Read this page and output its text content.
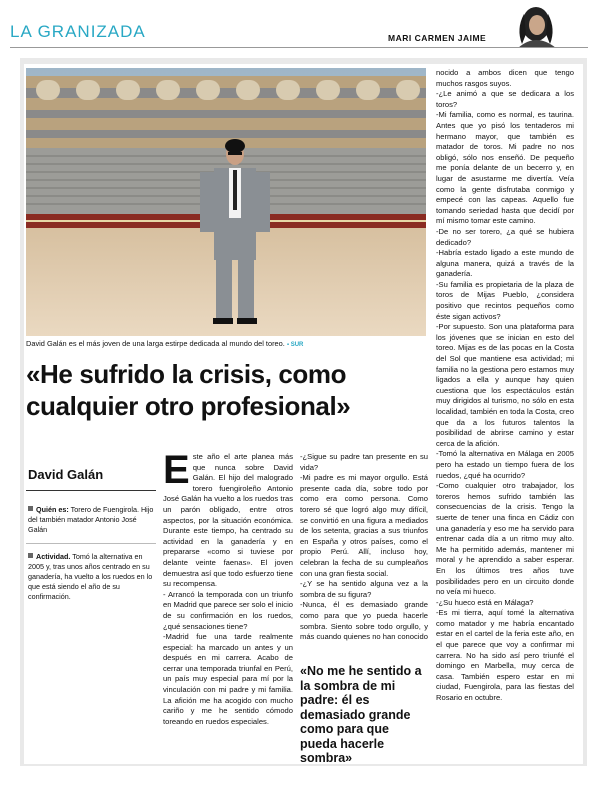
LA GRANIZADA	MARI CARMEN JAIME
David Galán es el más joven de una larga estirpe dedicada al mundo del toreo. ▪ SUR
«He sufrido la crisis, como cualquier otro profesional»
David Galán
Quién es: Torero de Fuengirola. Hijo del también matador Antonio José Galán
Actividad. Tomó la alternativa en 2005 y, tras unos años centrado en su ganadería, ha vuelto a los ruedos en lo que está siendo el año de su confirmación.
E ste año el arte planea más que nunca sobre David Galán. El hijo del malogrado torero fuengiroleño Antonio José Galán ha vuelto a los ruedos tras un parón obligado, entre otros aspectos, por la situación económica. Durante este tiempo, ha centrado su actividad en la ganadería y en prepararse «como si tuviese por delante veinte faenas». El joven demuestra así que todo esfuerzo tiene su recompensa.

- Arrancó la temporada con un triunfo en Madrid que parece ser solo el inicio de su confirmación en los ruedos, ¿qué sensaciones tiene?

-Madrid fue una tarde realmente especial: ha marcado un antes y un después en mi carrera. Acabo de cerrar una temporada triunfal en Perú, un país muy especial para mí por la vinculación con mi padre y mi familia. La afición me ha acogido con mucho cariño y me he sentido cómodo toreando en ruedos especiales.

-¿Sigue su padre tan presente en su vida?

-Mi padre es mi mayor orgullo. Está presente cada día, sobre todo por como era como persona. Como torero sé que logró algo muy difícil, se convirtió en una figura a mediados de los setenta, gracias a sus triunfos en España y otros países, como el propio Perú. Allí, incluso hoy, celebran la fecha de su cumpleaños con una gran fiesta social.

-¿Y se ha sentido alguna vez a la sombra de su figura?

-Nunca, él es demasiado grande como para que yo pueda hacerle sombra. Siento sobre todo orgullo, y más cuando quienes no han conocido

«No me he sentido a la sombra de mi padre: él es demasiado grande como para que pueda hacerle sombra»

nocido a ambos dicen que tengo muchos rasgos suyos.

-¿Le animó a que se dedicara a los toros?

-Mi familia, como es normal, es taurina. Antes que yo pisó los tentaderos mi hermano mayor, que también es matador de toros. Mi padre no nos obligó, sólo nos enseñó. De pequeño me ponía delante de un becerro y, en lugar de asustarme me divertía. Veía como la gente disfrutaba conmigo y empecé con las capeas. Aquello fue tomando seriedad hasta que decidí por mí mismo tomar este camino.

-De no ser torero, ¿a qué se hubiera dedicado?

-Habría estado ligado a este mundo de alguna manera, quizá a través de la ganadería.

-Su familia es propietaria de la plaza de toros de Mijas Pueblo, ¿considera positivo que recintos pequeños como éste sigan activos?

-Por supuesto. Son una plataforma para los jóvenes que se inician en esto del toreo. Mijas es de las pocas en la Costa del Sol que mantiene esa actividad; mi familia no la gestiona pero estamos muy ligados a ella y aunque hay quien cuestiona que los espectáculos están muy dirigidos al turismo, no sólo en esta localidad, también en toda la Costa, creo que da a los futuros talentos la posibilidad de abrirse camino y estar cerca de la afición.

-Tomó la alternativa en Málaga en 2005 pero ha estado un tiempo fuera de los ruedos, ¿qué ha ocurrido?

-Como cualquier otro trabajador, los toreros hemos sufrido también las consecuencias de la crisis. Tengo la suerte de tener una finca en Cádiz con una ganadería y eso me ha servido para entrenar cada día a un ritmo muy alto. Me ha permitido además, mantener mi moral y he aprendido a saber esperar. En los últimos tres años tuve posibilidades pero en un circuito donde no veía mi hueco.

-¿Su hueco está en Málaga?

-Es mi tierra, aquí tomé la alternativa como matador y me habría encantado estar en el cartel de la feria este año, en el que parece que voy a confirmar mi carrera. No ha sido así pero triunfé el domingo en Marbella, muy cerca de casa. También espero estar en mi ciudad, Fuengirola, para las fiestas del Rosario en octubre.
